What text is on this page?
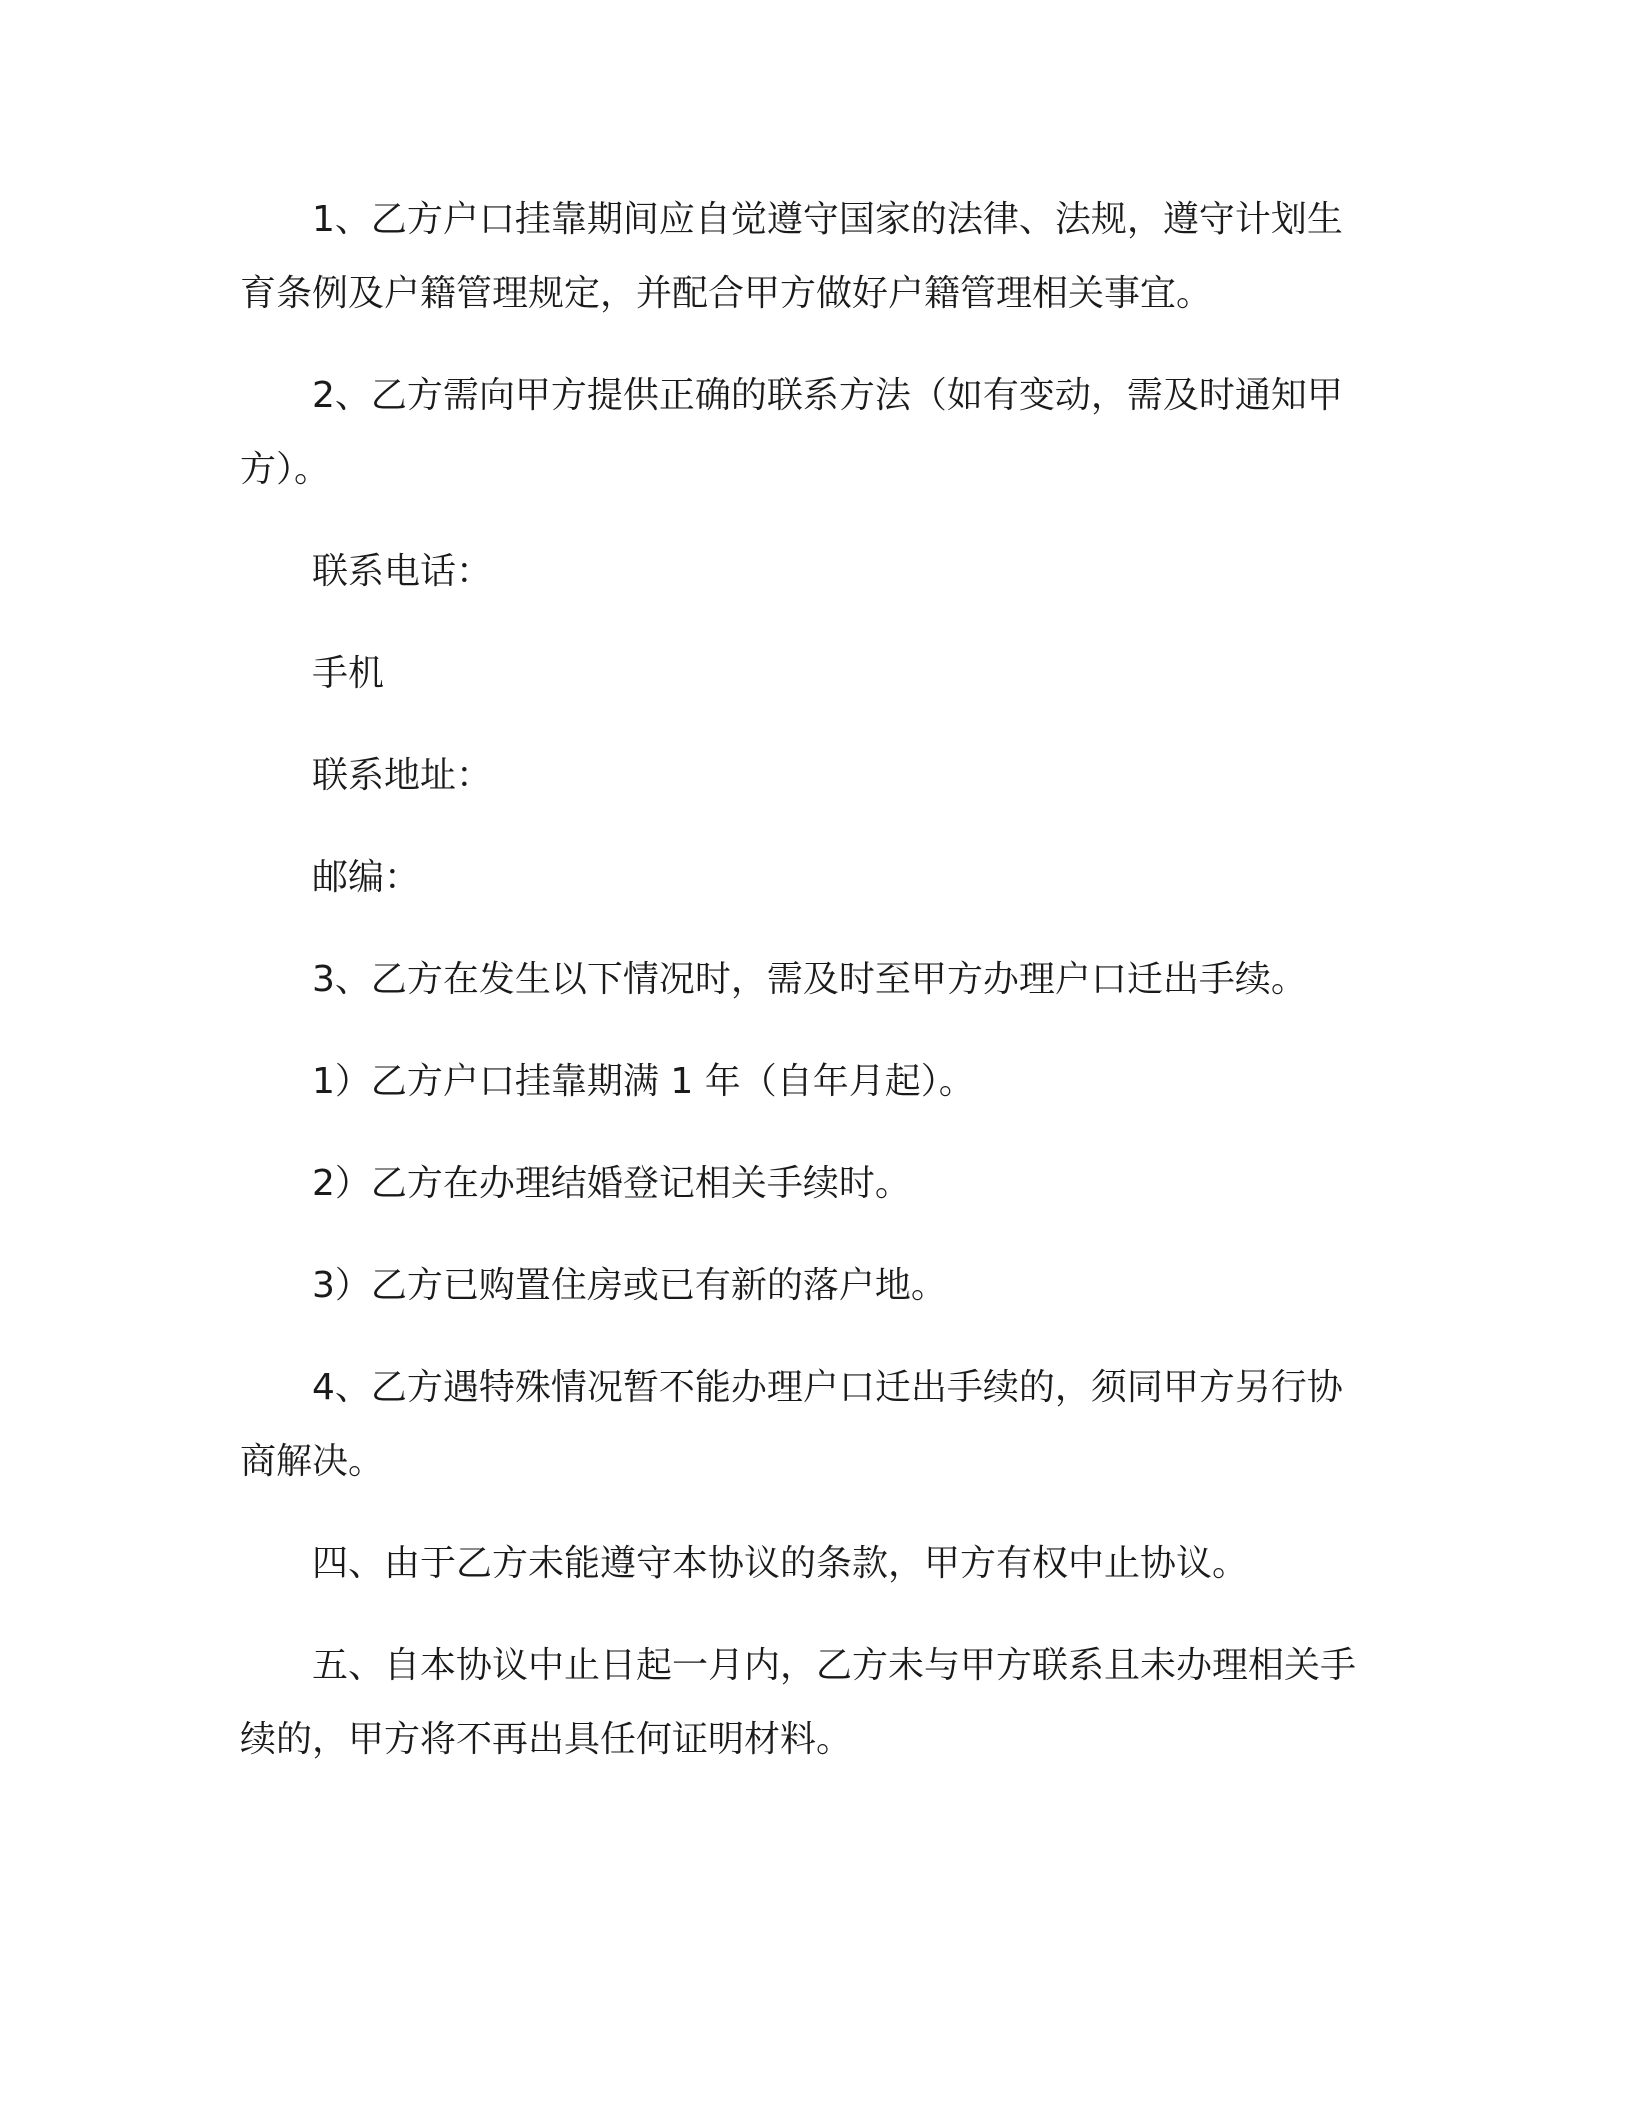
1、乙方户口挂靠期间应自觉遵守国家的法律、法规，遵守计划生育条例及户籍管理规定，并配合甲方做好户籍管理相关事宜。

2、乙方需向甲方提供正确的联系方法（如有变动，需及时通知甲方）。

联系电话：

手机

联系地址：

邮编：

3、乙方在发生以下情况时，需及时至甲方办理户口迁出手续。

1）乙方户口挂靠期满 1 年（自年月起）。

2）乙方在办理结婚登记相关手续时。

3）乙方已购置住房或已有新的落户地。

4、乙方遇特殊情况暂不能办理户口迁出手续的，须同甲方另行协商解决。

四、由于乙方未能遵守本协议的条款，甲方有权中止协议。

五、自本协议中止日起一月内，乙方未与甲方联系且未办理相关手续的，甲方将不再出具任何证明材料。
